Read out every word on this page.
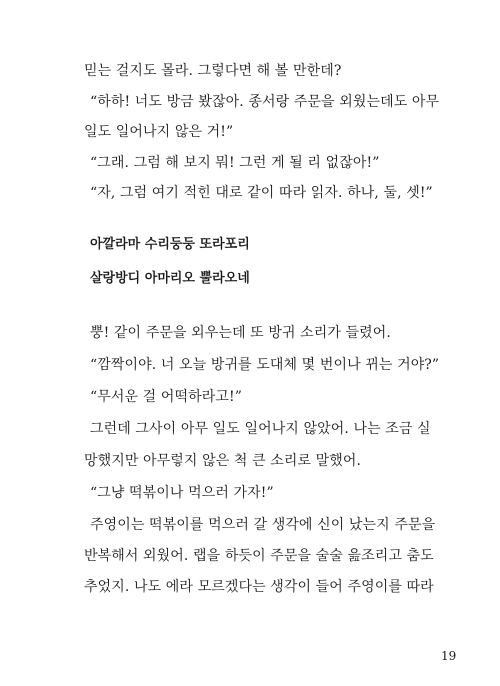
믿는 걸지도 몰라. 그렇다면 해 볼 만한데?
“하하! 너도 방금 봤잖아. 종서랑 주문을 외웠는데도 아무
일도 일어나지 않은 거!”
“그래. 그럼 해 보지 뭐! 그런 게 될 리 없잖아!”
“자, 그럼 여기 적힌 대로 같이 따라 읽자. 하나, 둘, 셋!”
아깔라마 수리둥둥 또라포리
살랑방디 아마리오 뿔라오네
뿡! 같이 주문을 외우는데 또 방귀 소리가 들렸어.
“깜짝이야. 너 오늘 방귀를 도대체 몇 번이나 뀌는 거야?”
“무서운 걸 어떡하라고!”
그런데 그사이 아무 일도 일어나지 않았어. 나는 조금 실
망했지만 아무렇지 않은 척 큰 소리로 말했어.
“그냥 떡볶이나 먹으러 가자!”
주영이는 떡볶이를 먹으러 갈 생각에 신이 났는지 주문을
반복해서 외웠어. 랩을 하듯이 주문을 술술 읊조리고 춤도
추었지. 나도 에라 모르겠다는 생각이 들어 주영이를 따라
19
